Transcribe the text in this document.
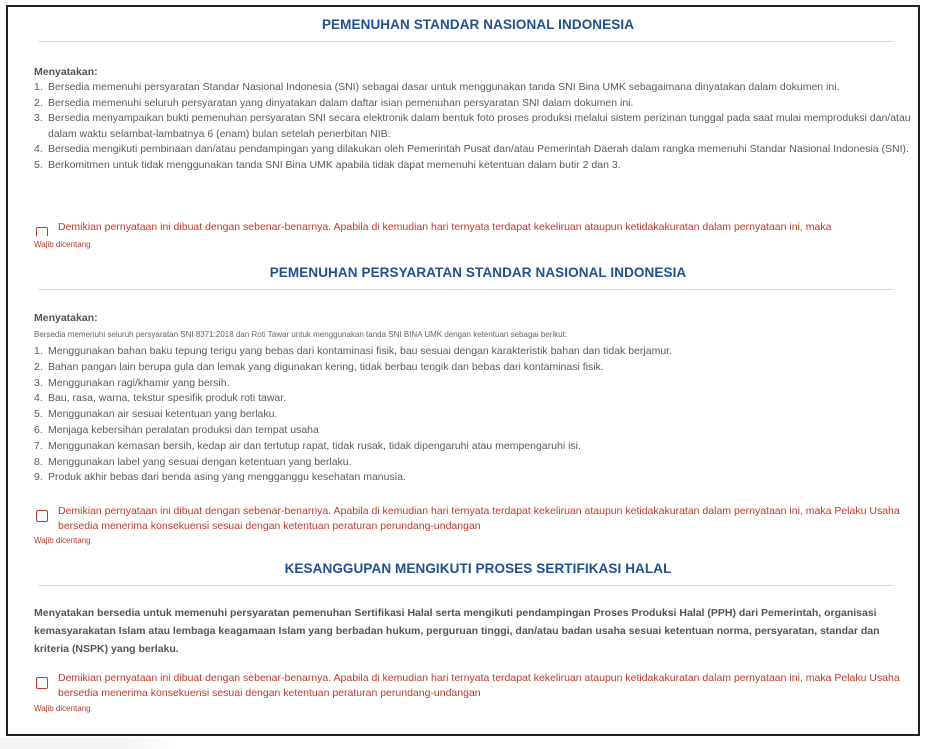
PEMENUHAN STANDAR NASIONAL INDONESIA
Menyatakan:
1. Bersedia memenuhi persyaratan Standar Nasional Indonesia (SNI) sebagai dasar untuk menggunakan tanda SNI Bina UMK sebagaimana dinyatakan dalam dokumen ini.
2. Bersedia memenuhi seluruh persyaratan yang dinyatakan dalam daftar isian pemenuhan persyaratan SNI dalam dokumen ini.
3. Bersedia menyampaikan bukti pemenuhan persyaratan SNI secara elektronik dalam bentuk foto proses produksi melalui sistem perizinan tunggal pada saat mulai memproduksi dan/atau dalam waktu selambat-lambatnya 6 (enam) bulan setelah penerbitan NIB.
4. Bersedia mengikuti pembinaan dan/atau pendampingan yang dilakukan oleh Pemerintah Pusat dan/atau Pemerintah Daerah dalam rangka memenuhi Standar Nasional Indonesia (SNI).
5. Berkomitmen untuk tidak menggunakan tanda SNI Bina UMK apabila tidak dapat memenuhi ketentuan dalam butir 2 dan 3.
Demikian pernyataan ini dibuat dengan sebenar-benarnya. Apabila di kemudian hari ternyata terdapat kekeliruan ataupun ketidakakuratan dalam pernyataan ini, maka
Wajib dicentang
PEMENUHAN PERSYARATAN STANDAR NASIONAL INDONESIA
Menyatakan:
Bersedia memenuhi seluruh persyaratan SNI 8371:2018 dan Roti Tawar untuk menggunakan tanda SNI BINA UMK dengan ketentuan sebagai berikut:
1. Menggunakan bahan baku tepung terigu yang bebas dari kontaminasi fisik, bau sesuai dengan karakteristik bahan dan tidak berjamur.
2. Bahan pangan lain berupa gula dan lemak yang digunakan kering, tidak berbau tengik dan bebas dari kontaminasi fisik.
3. Menggunakan ragi/khamir yang bersih.
4. Bau, rasa, warna, tekstur spesifik produk roti tawar.
5. Menggunakan air sesuai ketentuan yang berlaku.
6. Menjaga kebersihan peralatan produksi dan tempat usaha
7. Menggunakan kemasan bersih, kedap air dan tertutup rapat, tidak rusak, tidak dipengaruhi atau mempengaruhi isi.
8. Menggunakan label yang sesuai dengan ketentuan yang berlaku.
9. Produk akhir bebas dari benda asing yang mengganggu kesehatan manusia.
Demikian pernyataan ini dibuat dengan sebenar-benarnya. Apabila di kemudian hari ternyata terdapat kekeliruan ataupun ketidakakuratan dalam pernyataan ini, maka Pelaku Usaha bersedia menerima konsekuensi sesuai dengan ketentuan peraturan perundang-undangan
Wajib dicentang
KESANGGUPAN MENGIKUTI PROSES SERTIFIKASI HALAL
Menyatakan bersedia untuk memenuhi persyaratan pemenuhan Sertifikasi Halal serta mengikuti pendampingan Proses Produksi Halal (PPH) dari Pemerintah, organisasi kemasyarakatan Islam atau lembaga keagamaan Islam yang berbadan hukum, perguruan tinggi, dan/atau badan usaha sesuai ketentuan norma, persyaratan, standar dan kriteria (NSPK) yang berlaku.
Demikian pernyataan ini dibuat dengan sebenar-benarnya. Apabila di kemudian hari ternyata terdapat kekeliruan ataupun ketidakakuratan dalam pernyataan ini, maka Pelaku Usaha bersedia menerima konsekuensi sesuai dengan ketentuan peraturan perundang-undangan
Wajib dicentang
